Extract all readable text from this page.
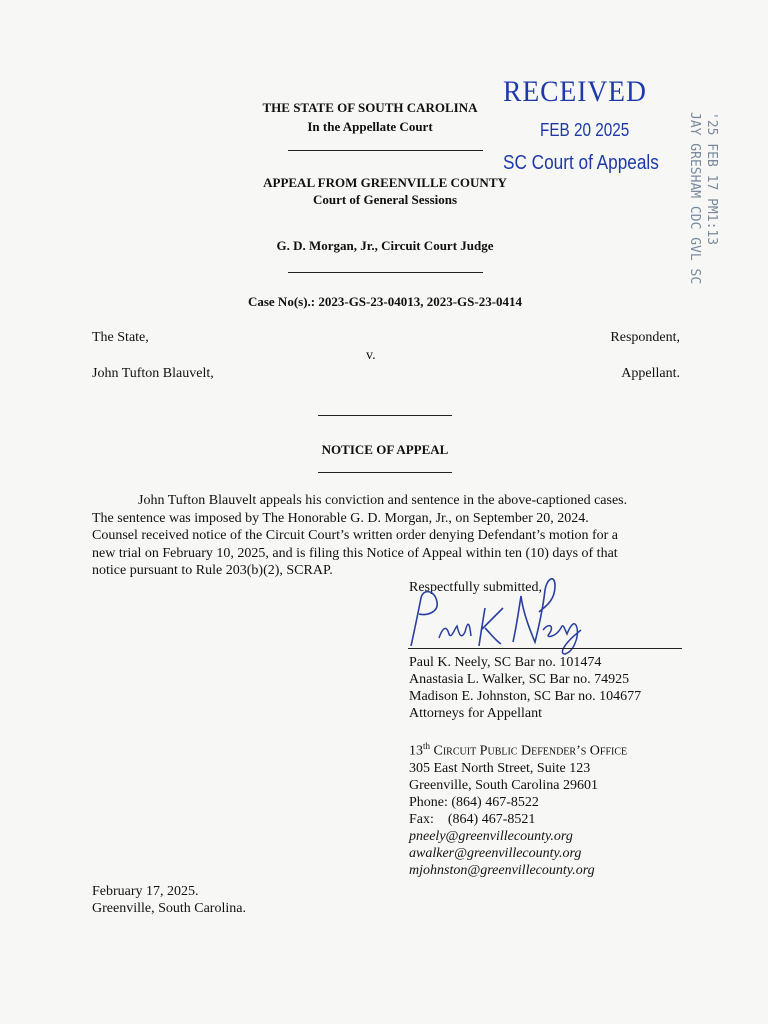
THE STATE OF SOUTH CAROLINA
In the Appellate Court
APPEAL FROM GREENVILLE COUNTY
Court of General Sessions
G. D. Morgan, Jr., Circuit Court Judge
Case No(s).: 2023-GS-23-04013, 2023-GS-23-0414
RECEIVED
FEB 20 2025
SC Court of Appeals	'25 FEB 17 PM1:13
JAY GRESHAM CDC GVL SC
The State,	Respondent,
v.
John Tufton Blauvelt,	Appellant.
NOTICE OF APPEAL
John Tufton Blauvelt appeals his conviction and sentence in the above-captioned cases.
The sentence was imposed by The Honorable G. D. Morgan, Jr., on September 20, 2024.
Counsel received notice of the Circuit Court’s written order denying Defendant’s motion for a
new trial on February 10, 2025, and is filing this Notice of Appeal within ten (10) days of that
notice pursuant to Rule 203(b)(2), SCRAP.
Respectfully submitted,
Paul K. Neely, SC Bar no. 101474
Anastasia L. Walker, SC Bar no. 74925
Madison E. Johnston, SC Bar no. 104677
Attorneys for Appellant
13th Circuit Public Defender’s Office
305 East North Street, Suite 123
Greenville, South Carolina 29601
Phone: (864) 467-8522
Fax: (864) 467-8521
pneely@greenvillecounty.org
awalker@greenvillecounty.org
mjohnston@greenvillecounty.org
February 17, 2025.
Greenville, South Carolina.
